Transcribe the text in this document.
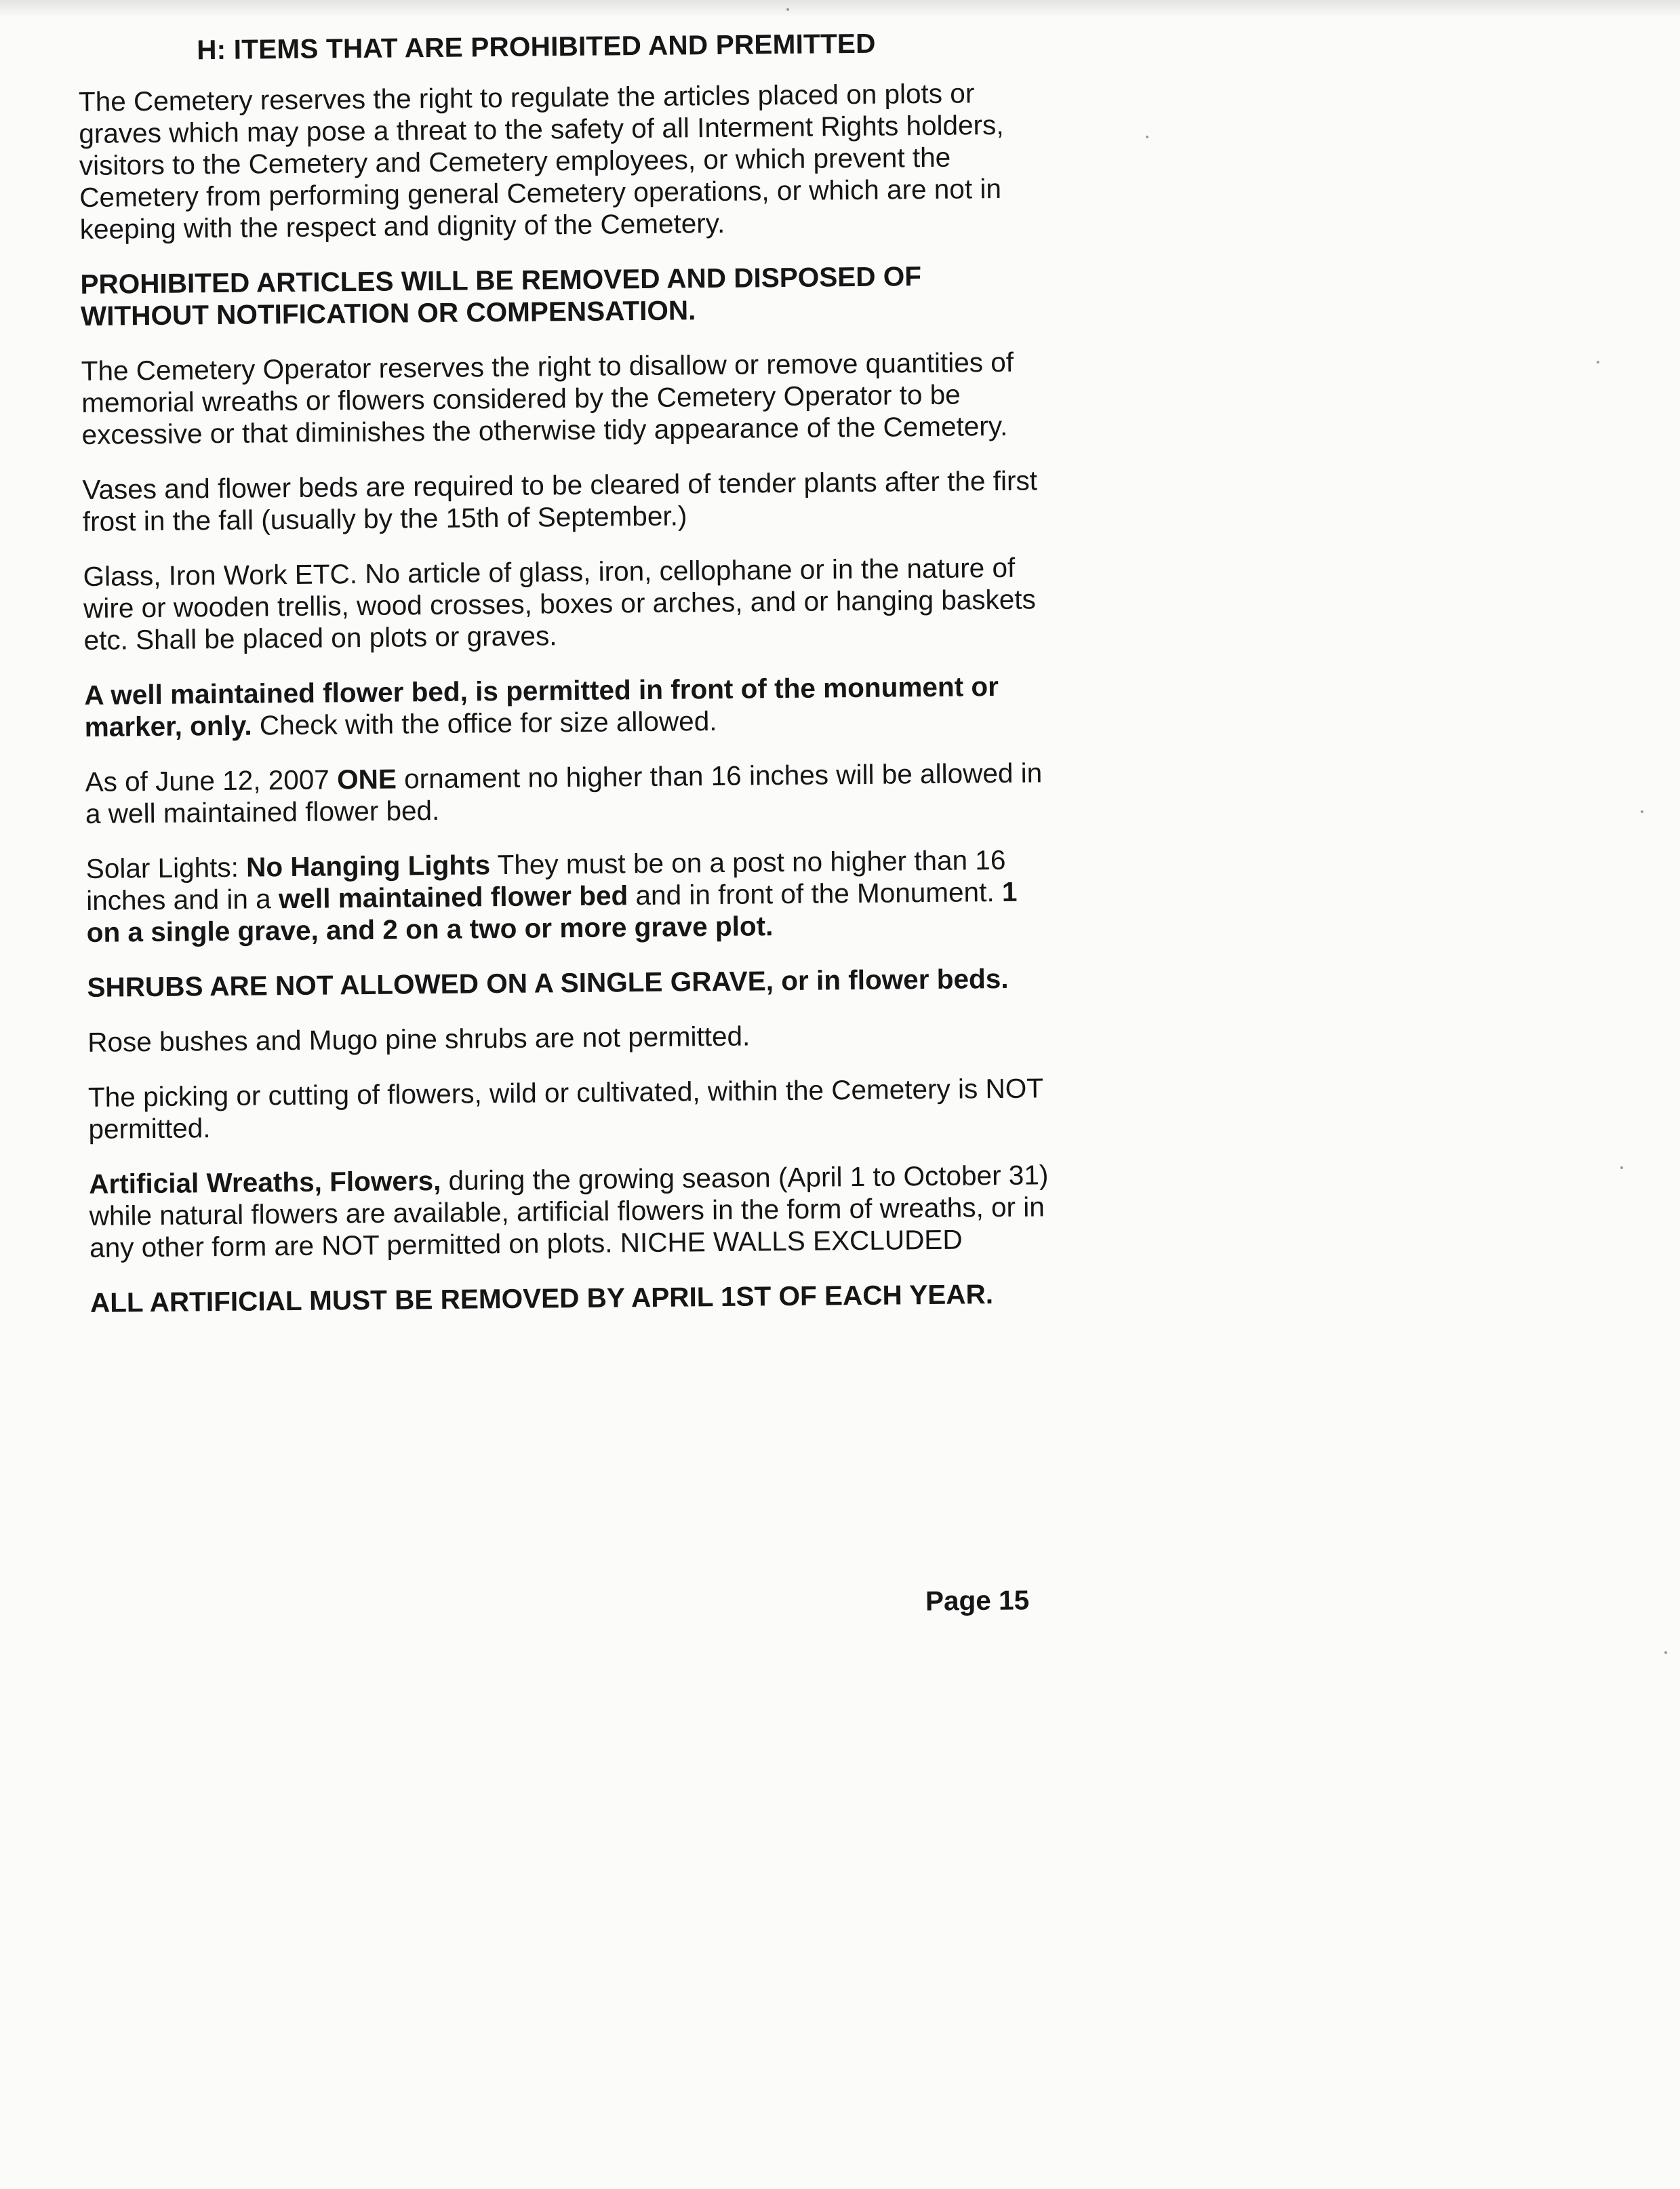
H: ITEMS THAT ARE PROHIBITED AND PREMITTED
The Cemetery reserves the right to regulate the articles placed on plots or graves which may pose a threat to the safety of all Interment Rights holders, visitors to the Cemetery and Cemetery employees, or which prevent the Cemetery from performing general Cemetery operations, or which are not in keeping with the respect and dignity of the Cemetery.
PROHIBITED ARTICLES WILL BE REMOVED AND DISPOSED OF WITHOUT NOTIFICATION OR COMPENSATION.
The Cemetery Operator reserves the right to disallow or remove quantities of memorial wreaths or flowers considered by the Cemetery Operator to be excessive or that diminishes the otherwise tidy appearance of the Cemetery.
Vases and flower beds are required to be cleared of tender plants after the first frost in the fall (usually by the 15th of September.)
Glass, Iron Work ETC. No article of glass, iron, cellophane or in the nature of wire or wooden trellis, wood crosses, boxes or arches, and or hanging baskets etc. Shall be placed on plots or graves.
A well maintained flower bed, is permitted in front of the monument or marker, only. Check with the office for size allowed.
As of June 12, 2007 ONE ornament no higher than 16 inches will be allowed in a well maintained flower bed.
Solar Lights: No Hanging Lights They must be on a post no higher than 16 inches and in a well maintained flower bed and in front of the Monument. 1 on a single grave, and 2 on a two or more grave plot.
SHRUBS ARE NOT ALLOWED ON A SINGLE GRAVE, or in flower beds.
Rose bushes and Mugo pine shrubs are not permitted.
The picking or cutting of flowers, wild or cultivated, within the Cemetery is NOT permitted.
Artificial Wreaths, Flowers, during the growing season (April 1 to October 31) while natural flowers are available, artificial flowers in the form of wreaths, or in any other form are NOT permitted on plots. NICHE WALLS EXCLUDED
ALL ARTIFICIAL MUST BE REMOVED BY APRIL 1ST OF EACH YEAR.
Page 15
